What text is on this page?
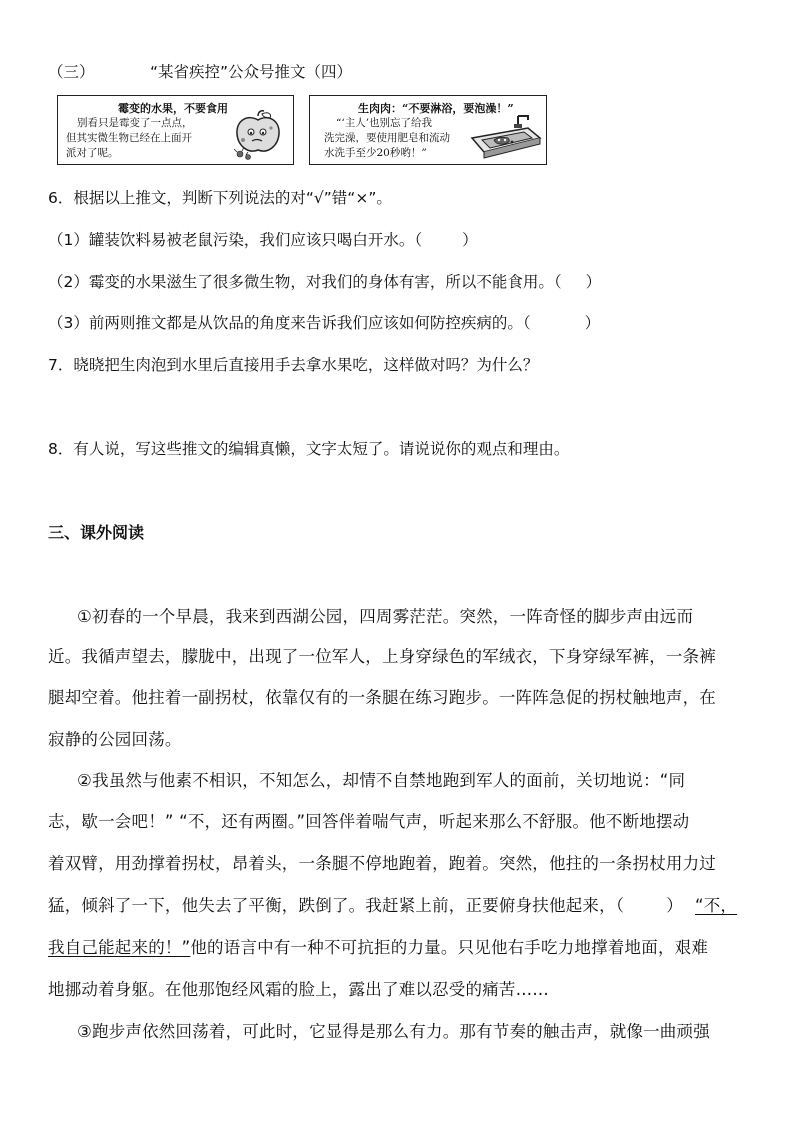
（三）	“某省疾控”公众号推文（四）
霉变的水果，不要食用
别看只是霉变了一点点，
但其实微生物已经在上面开
派对了呢。
生肉肉：“不要淋浴，要泡澡！”
“‘主人’也别忘了给我
洗完澡，要使用肥皂和流动
水洗手至少20秒哟！”
6．根据以上推文，判断下列说法的对“√”错“×”。
（1）罐装饮料易被老鼠污染，我们应该只喝白开水。（	）
（2）霉变的水果滋生了很多微生物，对我们的身体有害，所以不能食用。（ ）
（3）前两则推文都是从饮品的角度来告诉我们应该如何防控疾病的。（	）
7．晓晓把生肉泡到水里后直接用手去拿水果吃，这样做对吗？为什么？
8．有人说，写这些推文的编辑真懒，文字太短了。请说说你的观点和理由。
三、课外阅读
①初春的一个早晨，我来到西湖公园，四周雾茫茫。突然，一阵奇怪的脚步声由远而
近。我循声望去，朦胧中，出现了一位军人，上身穿绿色的军绒衣，下身穿绿军裤，一条裤
腿却空着。他拄着一副拐杖，依靠仅有的一条腿在练习跑步。一阵阵急促的拐杖触地声，在
寂静的公园回荡。
②我虽然与他素不相识，不知怎么，却情不自禁地跑到军人的面前，关切地说：“同
志，歇一会吧！” “不，还有两圈。”回答伴着喘气声，听起来那么不舒服。他不断地摆动
着双臂，用劲撑着拐杖，昂着头，一条腿不停地跑着，跑着。突然，他拄的一条拐杖用力过
猛，倾斜了一下，他失去了平衡，跌倒了。我赶紧上前，正要俯身扶他起来，（	） “不，
我自己能起来的！”他的语言中有一种不可抗拒的力量。只见他右手吃力地撑着地面，艰难
地挪动着身躯。在他那饱经风霜的脸上，露出了难以忍受的痛苦……
③跑步声依然回荡着，可此时，它显得是那么有力。那有节奏的触击声，就像一曲顽强
